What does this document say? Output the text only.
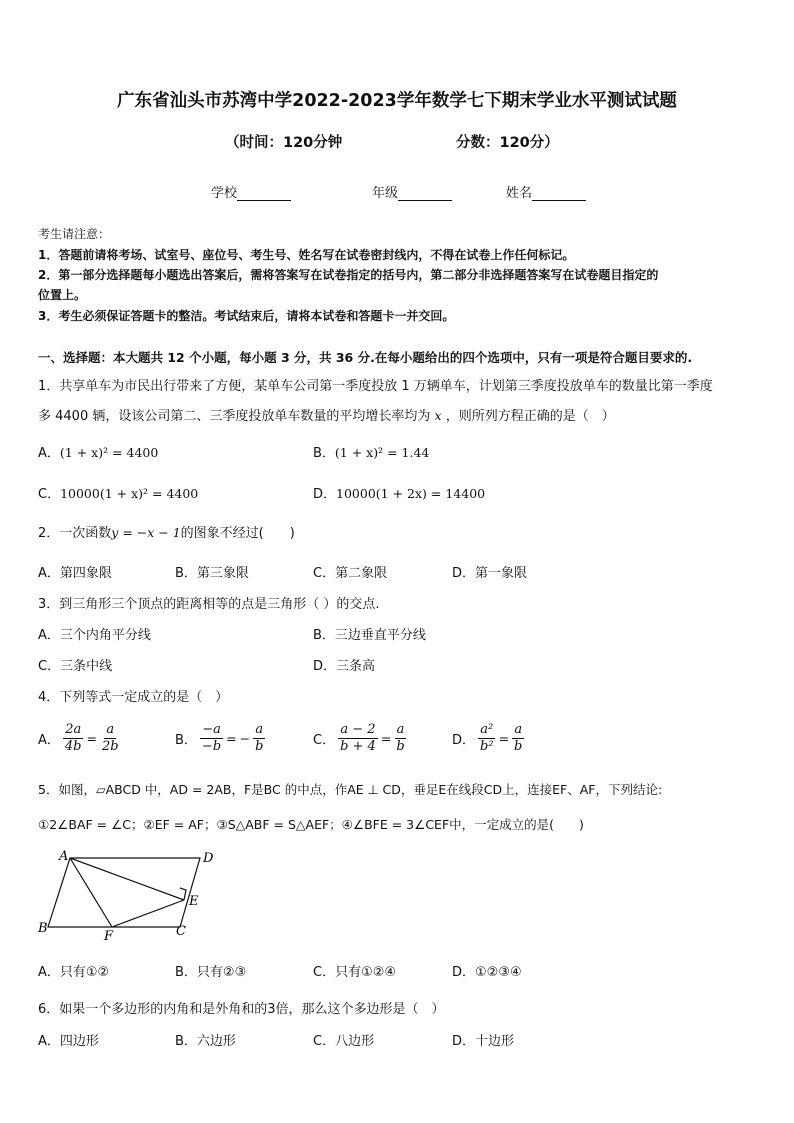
广东省汕头市苏湾中学2022-2023学年数学七下期末学业水平测试试题
（时间：120分钟	分数：120分）
学校	年级	姓名
考生请注意：
1．答题前请将考场、试室号、座位号、考生号、姓名写在试卷密封线内，不得在试卷上作任何标记。
2．第一部分选择题每小题选出答案后，需将答案写在试卷指定的括号内，第二部分非选择题答案写在试卷题目指定的
位置上。
3．考生必须保证答题卡的整洁。考试结束后，请将本试卷和答题卡一并交回。
一、选择题：本大题共 12 个小题，每小题 3 分，共 36 分.在每小题给出的四个选项中，只有一项是符合题目要求的.
1．共享单车为市民出行带来了方便，某单车公司第一季度投放 1 万辆单车，计划第三季度投放单车的数量比第一季度
多 4400 辆，设该公司第二、三季度投放单车数量的平均增长率均为 x ，则所列方程正确的是（　）
A．(1 + x)² = 4400	B．(1 + x)² = 1.44
C．10000(1 + x)² = 4400	D．10000(1 + 2x) = 14400
2．一次函数y = −x − 1的图象不经过(　　)
A．第四象限	B．第三象限	C．第二象限	D．第一象限
3．到三角形三个顶点的距离相等的点是三角形（ ）的交点.
A．三个内角平分线	B．三边垂直平分线
C．三条中线	D．三条高
4．下列等式一定成立的是（　）
A． $\frac{2a}{4b} = \frac{a}{2b}$	B． $\frac{-a}{-b}$ = − $\frac{a}{b}$	C． $\frac{a - 2}{b + 4} = \frac{a}{b}$	D． $\frac{\text{a²}}{\text{b²}} = \frac{a}{b}$
5．如图，▱ABCD 中，AD = 2AB，F是BC 的中点，作AE ⊥ CD，垂足E在线段CD上，连接EF、AF，下列结论:
①2∠BAF = ∠C；②EF = AF；③S△ABF = S△AEF；④∠BFE = 3∠CEF中，一定成立的是(　　)
A	D
E
B
F	C
A．只有①②	B．只有②③	C．只有①②④	D．①②③④
6．如果一个多边形的内角和是外角和的3倍，那么这个多边形是（　）
A．四边形	B．六边形	C．八边形	D．十边形
